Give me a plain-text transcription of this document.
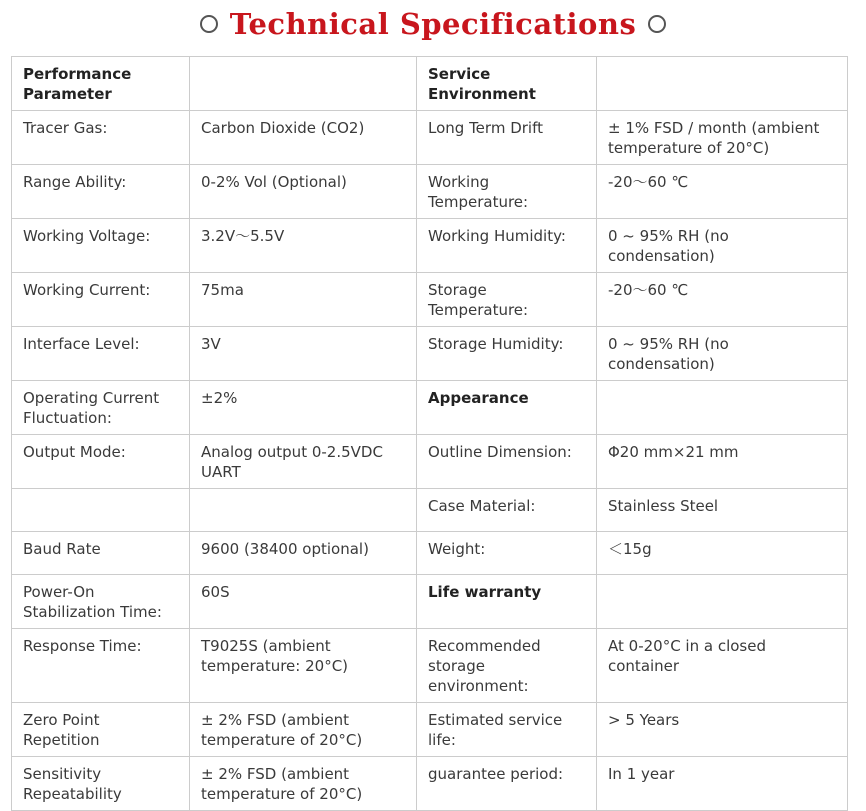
Technical Specifications
Performance Parameter		Service Environment	
Tracer Gas:	Carbon Dioxide (CO2)	Long Term Drift	± 1% FSD / month (ambient temperature of 20°C)
Range Ability:	0-2% Vol (Optional)	Working Temperature:	-20～60 ℃
Working Voltage:	3.2V～5.5V	Working Humidity:	0 ~ 95% RH (no condensation)
Working Current:	75ma	Storage Temperature:	-20～60 ℃
Interface Level:	3V	Storage Humidity:	0 ~ 95% RH (no condensation)
Operating Current Fluctuation:	±2%	Appearance	
Output Mode:	Analog output 0-2.5VDC UART	Outline Dimension:	Φ20 mm×21 mm
		Case Material:	Stainless Steel
Baud Rate	9600 (38400 optional)	Weight:	＜15g
Power-On Stabilization Time:	60S	Life warranty	
Response Time:	T9025S (ambient temperature: 20°C)	Recommended storage environment:	At 0-20°C in a closed container
Zero Point Repetition	± 2% FSD (ambient temperature of 20°C)	Estimated service life:	> 5 Years
Sensitivity Repeatability	± 2% FSD (ambient temperature of 20°C)	guarantee period:	In 1 year
